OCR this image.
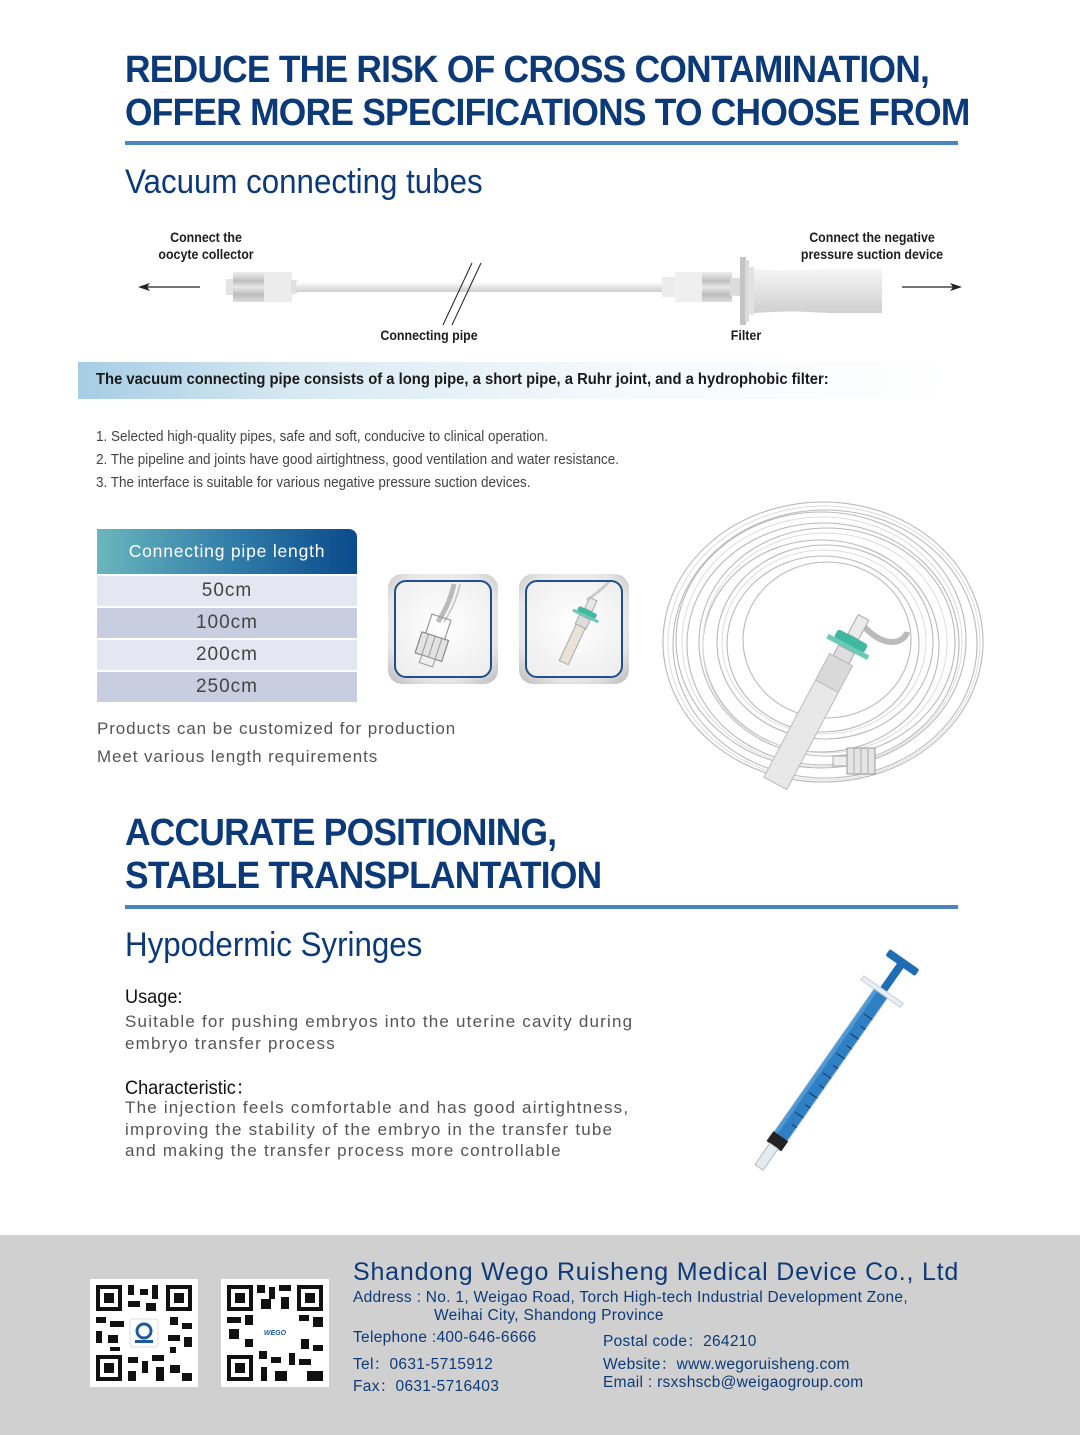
REDUCE THE RISK OF CROSS CONTAMINATION,
OFFER MORE SPECIFICATIONS TO CHOOSE FROM
Vacuum connecting tubes
Connect the
oocyte collector
Connect the negative
pressure suction device
Connecting pipe	Filter
The vacuum connecting pipe consists of a long pipe, a short pipe, a Ruhr joint, and a hydrophobic filter:
1. Selected high-quality pipes, safe and soft, conducive to clinical operation.
2. The pipeline and joints have good airtightness, good ventilation and water resistance.
3. The interface is suitable for various negative pressure suction devices.
Connecting pipe length
50cm
100cm
200cm
250cm
Products can be customized for production
Meet various length requirements
ACCURATE POSITIONING,
STABLE TRANSPLANTATION
Hypodermic Syringes
Usage:
Suitable for pushing embryos into the uterine cavity during
embryo transfer process
Characteristic：
The injection feels comfortable and has good airtightness,
improving the stability of the embryo in the transfer tube
and making the transfer process more controllable
WEGO
Shandong Wego Ruisheng Medical Device Co., Ltd
Address : No. 1, Weigao Road, Torch High-tech Industrial Development Zone,
Weihai City, Shandong Province
Telephone :400-646-6666
Tel：0631-5715912
Fax：0631-5716403
Postal code：264210
Website：www.wegoruisheng.com
Email : rsxshscb@weigaogroup.com
